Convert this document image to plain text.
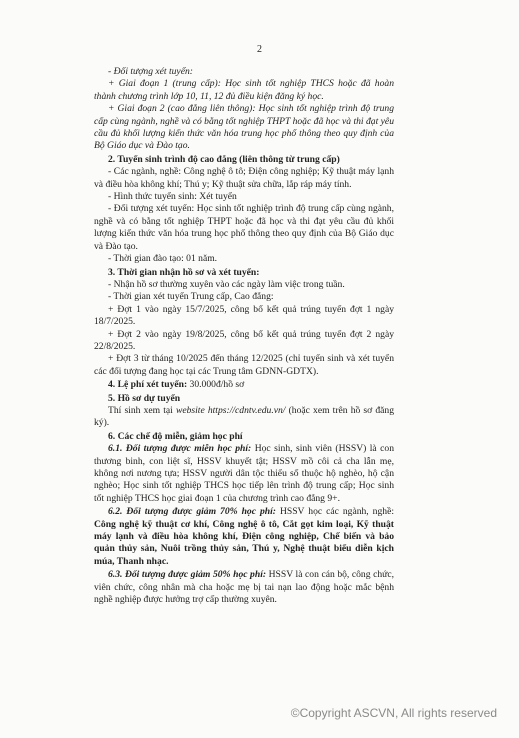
2

- Đối tượng xét tuyển:

+ Giai đoạn 1 (trung cấp): Học sinh tốt nghiệp THCS hoặc đã hoàn thành chương trình lớp 10, 11, 12 đủ điều kiện đăng ký học.

+ Giai đoạn 2 (cao đẳng liên thông): Học sinh tốt nghiệp trình độ trung cấp cùng ngành, nghề và có bằng tốt nghiệp THPT hoặc đã học và thi đạt yêu cầu đủ khối lượng kiến thức văn hóa trung học phổ thông theo quy định của Bộ Giáo dục và Đào tạo.

2. Tuyển sinh trình độ cao đẳng (liên thông từ trung cấp)

- Các ngành, nghề: Công nghệ ô tô; Điện công nghiệp; Kỹ thuật máy lạnh và điều hòa không khí; Thú y; Kỹ thuật sửa chữa, lắp ráp máy tính.

- Hình thức tuyển sinh: Xét tuyển

- Đối tượng xét tuyển: Học sinh tốt nghiệp trình độ trung cấp cùng ngành, nghề và có bằng tốt nghiệp THPT hoặc đã học và thi đạt yêu cầu đủ khối lượng kiến thức văn hóa trung học phổ thông theo quy định của Bộ Giáo dục và Đào tạo.

- Thời gian đào tạo: 01 năm.

3. Thời gian nhận hồ sơ và xét tuyển:

- Nhận hồ sơ thường xuyên vào các ngày làm việc trong tuần.

- Thời gian xét tuyển Trung cấp, Cao đẳng:

+ Đợt 1 vào ngày 15/7/2025, công bố kết quả trúng tuyển đợt 1 ngày 18/7/2025.

+ Đợt 2 vào ngày 19/8/2025, công bố kết quả trúng tuyển đợt 2 ngày 22/8/2025.

+ Đợt 3 từ tháng 10/2025 đến tháng 12/2025 (chỉ tuyển sinh và xét tuyển các đối tượng đang học tại các Trung tâm GDNN-GDTX).

4. Lệ phí xét tuyển: 30.000đ/hồ sơ

5. Hồ sơ dự tuyển

Thí sinh xem tại website https://cdntv.edu.vn/ (hoặc xem trên hồ sơ đăng ký).

6. Các chế độ miễn, giảm học phí

6.1. Đối tượng được miễn học phí: Học sinh, sinh viên (HSSV) là con thương binh, con liệt sĩ, HSSV khuyết tật; HSSV mồ côi cả cha lẫn mẹ, không nơi nương tựa; HSSV người dân tộc thiểu số thuộc hộ nghèo, hộ cận nghèo; Học sinh tốt nghiệp THCS học tiếp lên trình độ trung cấp; Học sinh tốt nghiệp THCS học giai đoạn 1 của chương trình cao đẳng 9+.

6.2. Đối tượng được giảm 70% học phí: HSSV học các ngành, nghề: Công nghệ kỹ thuật cơ khí, Công nghệ ô tô, Cắt gọt kim loại, Kỹ thuật máy lạnh và điều hòa không khí, Điện công nghiệp, Chế biến và bảo quản thủy sản, Nuôi trồng thủy sản, Thú y, Nghệ thuật biểu diễn kịch múa, Thanh nhạc.

6.3. Đối tượng được giảm 50% học phí: HSSV là con cán bộ, công chức, viên chức, công nhân mà cha hoặc mẹ bị tai nạn lao động hoặc mắc bệnh nghề nghiệp được hưởng trợ cấp thường xuyên.

©Copyright ASCVN, All rights reserved
